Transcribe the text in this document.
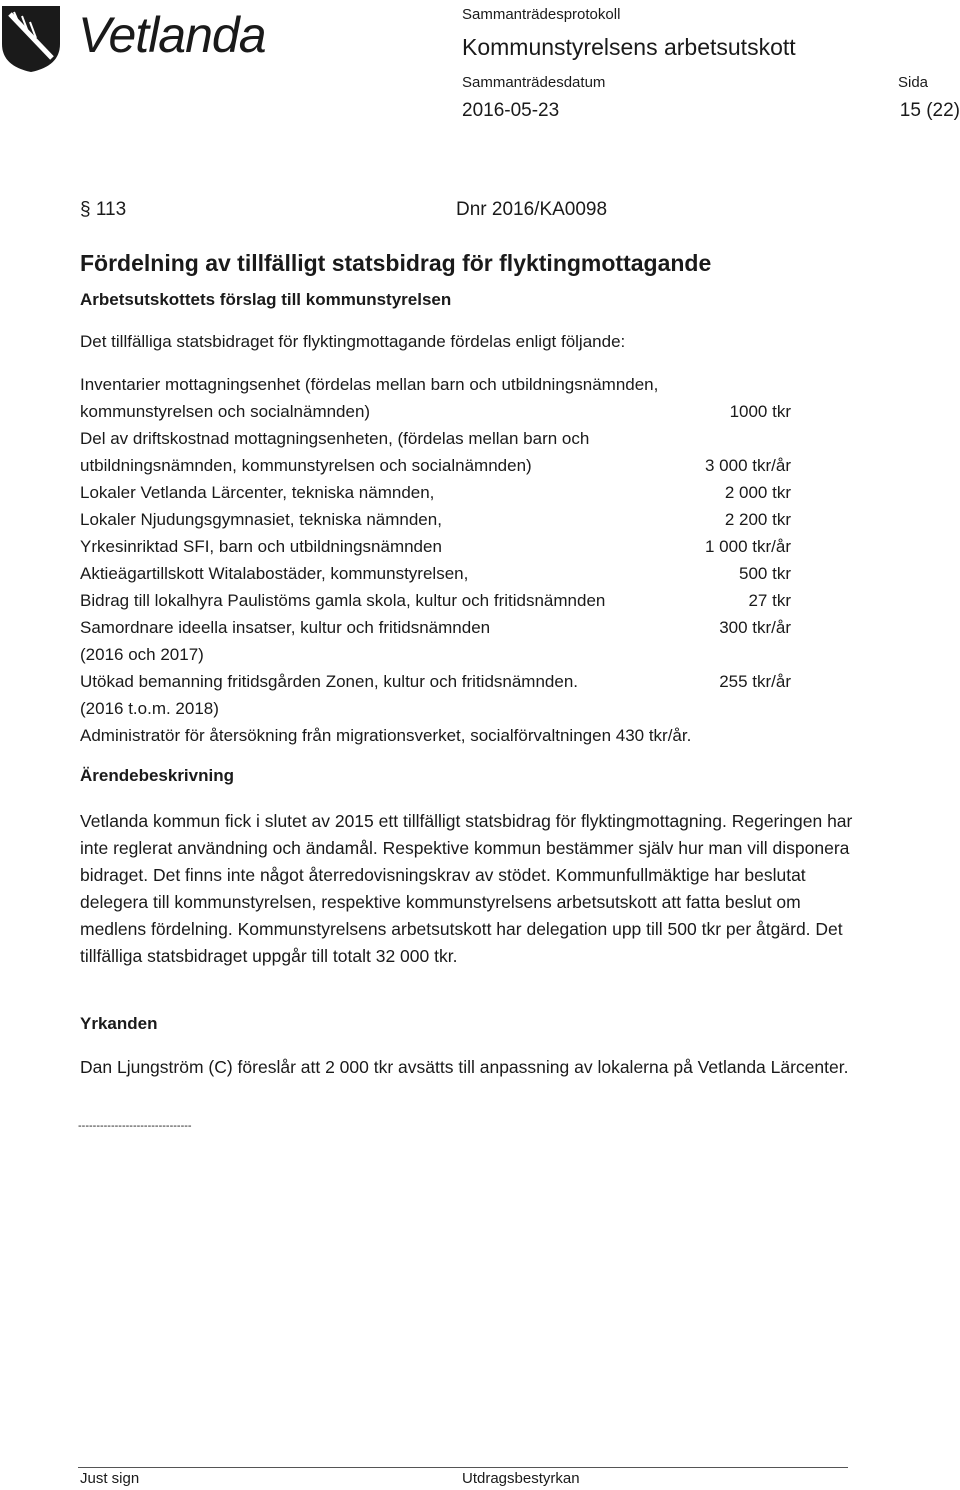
Vetlanda	Sammanträdesprotokoll
Kommunstyrelsens arbetsutskott
Sammanträdesdatum	Sida
2016-05-23	15 (22)
§ 113	Dnr 2016/KA0098
Fördelning av tillfälligt statsbidrag för flyktingmottagande
Arbetsutskottets förslag till kommunstyrelsen
Det tillfälliga statsbidraget för flyktingmottagande fördelas enligt följande:
Inventarier mottagningsenhet (fördelas mellan barn och utbildningsnämnden,
kommunstyrelsen och socialnämnden)	1000 tkr
Del av driftskostnad mottagningsenheten, (fördelas mellan barn och
utbildningsnämnden, kommunstyrelsen och socialnämnden)	3 000 tkr/år
Lokaler Vetlanda Lärcenter, tekniska nämnden,	2 000 tkr
Lokaler Njudungsgymnasiet, tekniska nämnden,	2 200 tkr
Yrkesinriktad SFI, barn och utbildningsnämnden	1 000 tkr/år
Aktieägartillskott Witalabostäder, kommunstyrelsen,	500 tkr
Bidrag till lokalhyra Paulistöms gamla skola, kultur och fritidsnämnden	27 tkr
Samordnare ideella insatser, kultur och fritidsnämnden	300 tkr/år
(2016 och 2017)
Utökad bemanning fritidsgården Zonen, kultur och fritidsnämnden.	255 tkr/år
(2016 t.o.m. 2018)
Administratör för återsökning från migrationsverket, socialförvaltningen 430 tkr/år.
Ärendebeskrivning
Vetlanda kommun fick i slutet av 2015 ett tillfälligt statsbidrag för flyktingmottagning. Regeringen har inte reglerat användning och ändamål. Respektive kommun bestämmer själv hur man vill disponera bidraget. Det finns inte något återredovisningskrav av stödet. Kommunfullmäktige har beslutat delegera till kommunstyrelsen, respektive kommunstyrelsens arbetsutskott att fatta beslut om medlens fördelning. Kommunstyrelsens arbetsutskott har delegation upp till 500 tkr per åtgärd. Det tillfälliga statsbidraget uppgår till totalt 32 000 tkr.
Yrkanden
Dan Ljungström (C) föreslår att 2 000 tkr avsätts till anpassning av lokalerna på Vetlanda Lärcenter.
-------------------------------
Just sign	Utdragsbestyrkan
